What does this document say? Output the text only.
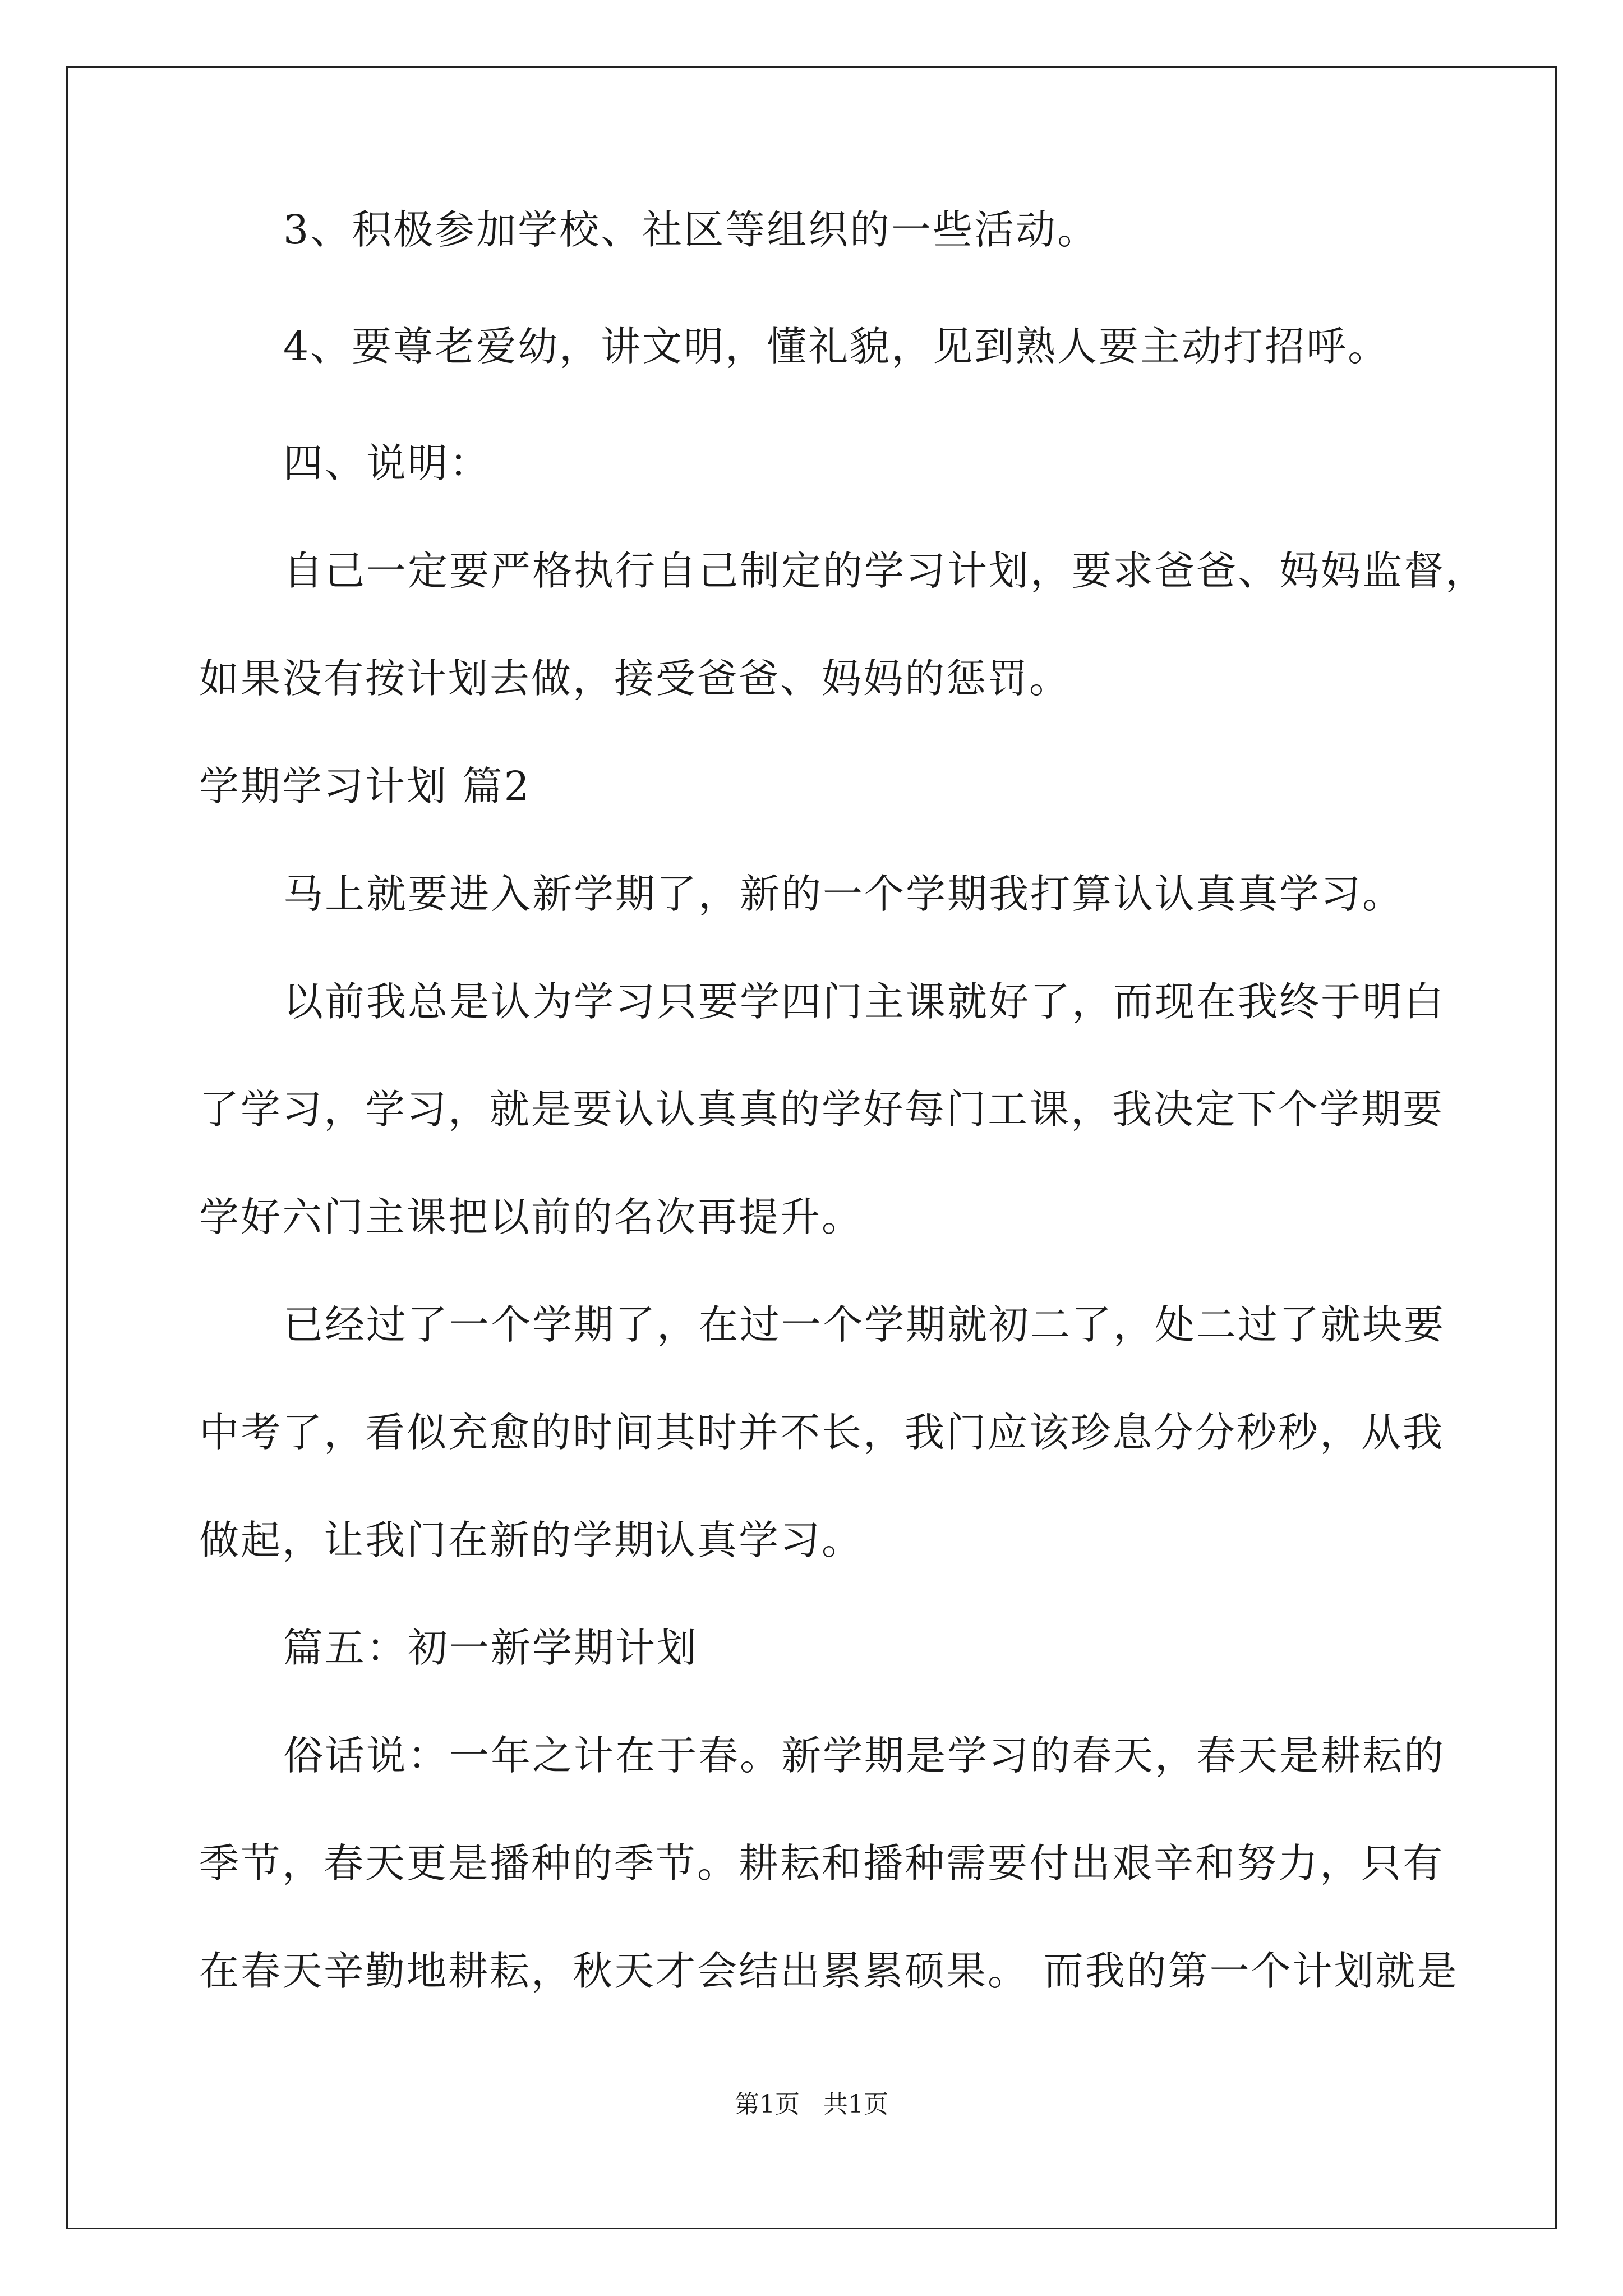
3、积极参加学校、社区等组织的一些活动。
4、要尊老爱幼，讲文明，懂礼貌，见到熟人要主动打招呼。
四、说明：
自己一定要严格执行自己制定的学习计划，要求爸爸、妈妈监督，
如果没有按计划去做，接受爸爸、妈妈的惩罚。
学期学习计划 篇2
马上就要进入新学期了，新的一个学期我打算认认真真学习。
以前我总是认为学习只要学四门主课就好了，而现在我终于明白
了学习，学习，就是要认认真真的学好每门工课，我决定下个学期要
学好六门主课把以前的名次再提升。
已经过了一个学期了，在过一个学期就初二了，处二过了就块要
中考了，看似充愈的时间其时并不长，我门应该珍息分分秒秒，从我
做起，让我门在新的学期认真学习。
篇五：初一新学期计划
俗话说：一年之计在于春。新学期是学习的春天，春天是耕耘的
季节，春天更是播种的季节。耕耘和播种需要付出艰辛和努力，只有
在春天辛勤地耕耘，秋天才会结出累累硕果。 而我的第一个计划就是
第1页 共1页
